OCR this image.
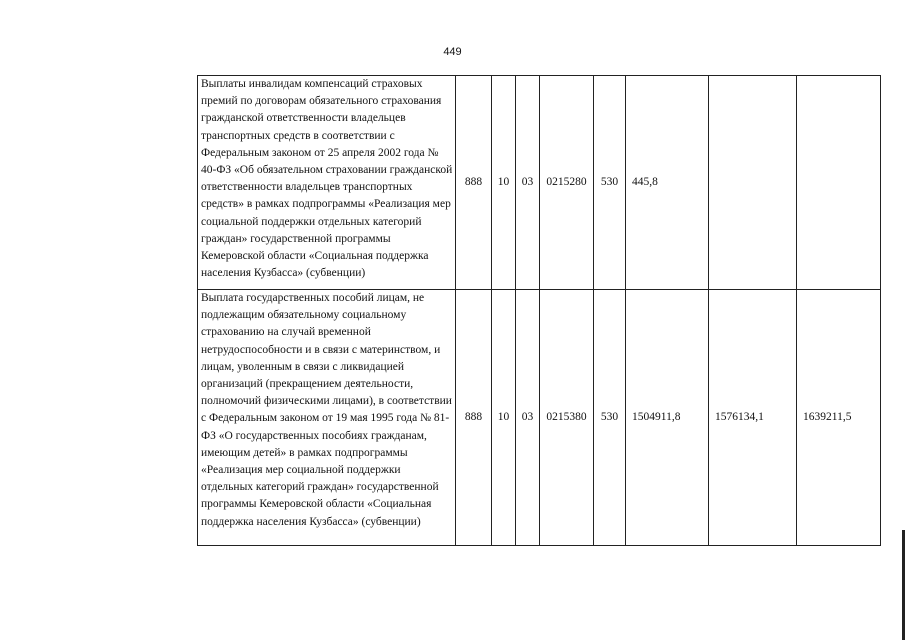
449
Выплаты инвалидам компенсаций страховых премий по договорам обязательного страхования гражданской ответственности владельцев транспортных средств в соответствии с Федеральным законом от 25 апреля 2002 года № 40-ФЗ «Об обязательном страховании гражданской ответственности владельцев транспортных средств» в рамках подпрограммы «Реализация мер социальной поддержки отдельных категорий граждан» государственной программы Кемеровской области «Социальная поддержка населения Кузбасса» (субвенции)	888	10	03	0215280	530	445,8		
Выплата государственных пособий лицам, не подлежащим обязательному социальному страхованию на случай временной нетрудоспособности и в связи с материнством, и лицам, уволенным в связи с ликвидацией организаций (прекращением деятельности, полномочий физическими лицами), в соответствии с Федеральным законом от 19 мая 1995 года № 81-ФЗ «О государственных пособиях гражданам, имеющим детей» в рамках подпрограммы «Реализация мер социальной поддержки отдельных категорий граждан» государственной программы Кемеровской области «Социальная поддержка населения Кузбасса» (субвенции)	888	10	03	0215380	530	1504911,8	1576134,1	1639211,5
